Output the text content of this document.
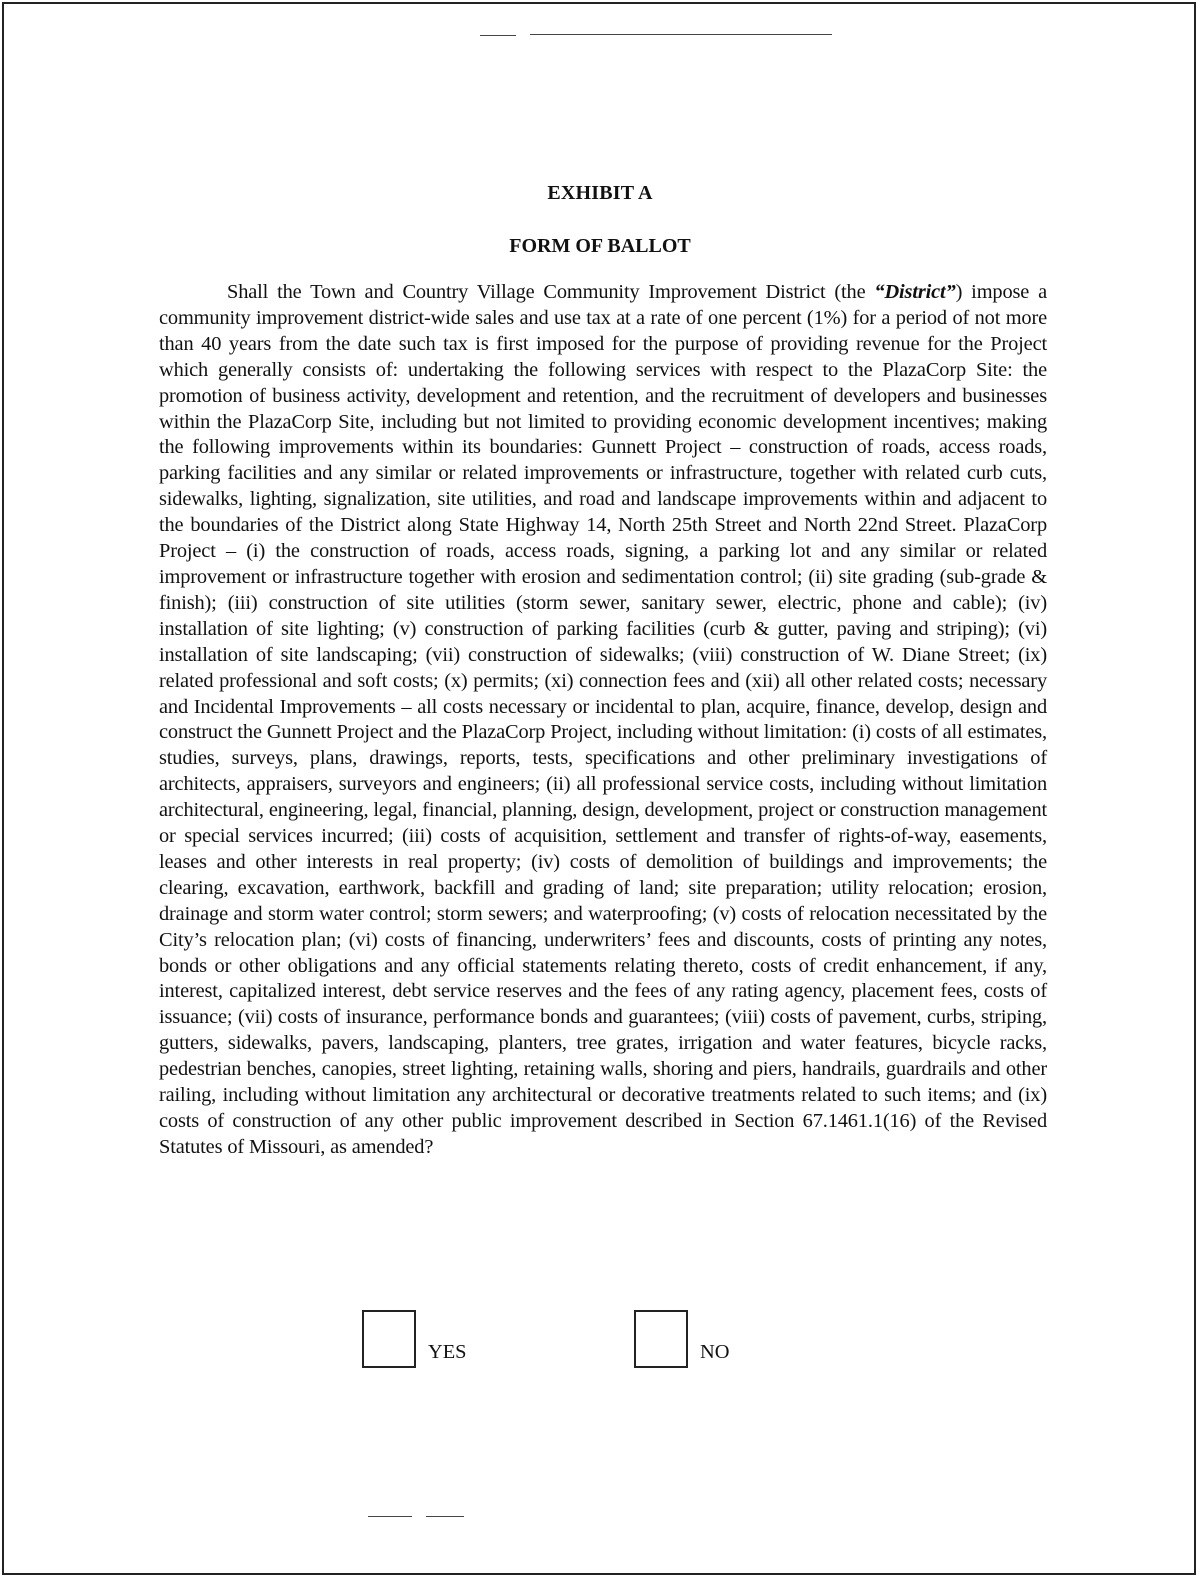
EXHIBIT A
FORM OF BALLOT

Shall the Town and Country Village Community Improvement District (the “District”) impose a community improvement district-wide sales and use tax at a rate of one percent (1%) for a period of not more than 40 years from the date such tax is first imposed for the purpose of providing revenue for the Project which generally consists of: undertaking the following services with respect to the PlazaCorp Site: the promotion of business activity, development and retention, and the recruitment of developers and businesses within the PlazaCorp Site, including but not limited to providing economic development incentives; making the following improvements within its boundaries: Gunnett Project – construction of roads, access roads, parking facilities and any similar or related improvements or infrastructure, together with related curb cuts, sidewalks, lighting, signalization, site utilities, and road and landscape improvements within and adjacent to the boundaries of the District along State Highway 14, North 25th Street and North 22nd Street. PlazaCorp Project – (i) the construction of roads, access roads, signing, a parking lot and any similar or related improvement or infrastructure together with erosion and sedimentation control; (ii) site grading (sub-grade & finish); (iii) construction of site utilities (storm sewer, sanitary sewer, electric, phone and cable); (iv) installation of site lighting; (v) construction of parking facilities (curb & gutter, paving and striping); (vi) installation of site landscaping; (vii) construction of sidewalks; (viii) construction of W. Diane Street; (ix) related professional and soft costs; (x) permits; (xi) connection fees and (xii) all other related costs; necessary and Incidental Improvements – all costs necessary or incidental to plan, acquire, finance, develop, design and construct the Gunnett Project and the PlazaCorp Project, including without limitation: (i) costs of all estimates, studies, surveys, plans, drawings, reports, tests, specifications and other preliminary investigations of architects, appraisers, surveyors and engineers; (ii) all professional service costs, including without limitation architectural, engineering, legal, financial, planning, design, development, project or construction management or special services incurred; (iii) costs of acquisition, settlement and transfer of rights-of-way, easements, leases and other interests in real property; (iv) costs of demolition of buildings and improvements; the clearing, excavation, earthwork, backfill and grading of land; site preparation; utility relocation; erosion, drainage and storm water control; storm sewers; and waterproofing; (v) costs of relocation necessitated by the City’s relocation plan; (vi) costs of financing, underwriters’ fees and discounts, costs of printing any notes, bonds or other obligations and any official statements relating thereto, costs of credit enhancement, if any, interest, capitalized interest, debt service reserves and the fees of any rating agency, placement fees, costs of issuance; (vii) costs of insurance, performance bonds and guarantees; (viii) costs of pavement, curbs, striping, gutters, sidewalks, pavers, landscaping, planters, tree grates, irrigation and water features, bicycle racks, pedestrian benches, canopies, street lighting, retaining walls, shoring and piers, handrails, guardrails and other railing, including without limitation any architectural or decorative treatments related to such items; and (ix) costs of construction of any other public improvement described in Section 67.1461.1(16) of the Revised Statutes of Missouri, as amended?

YES	NO
